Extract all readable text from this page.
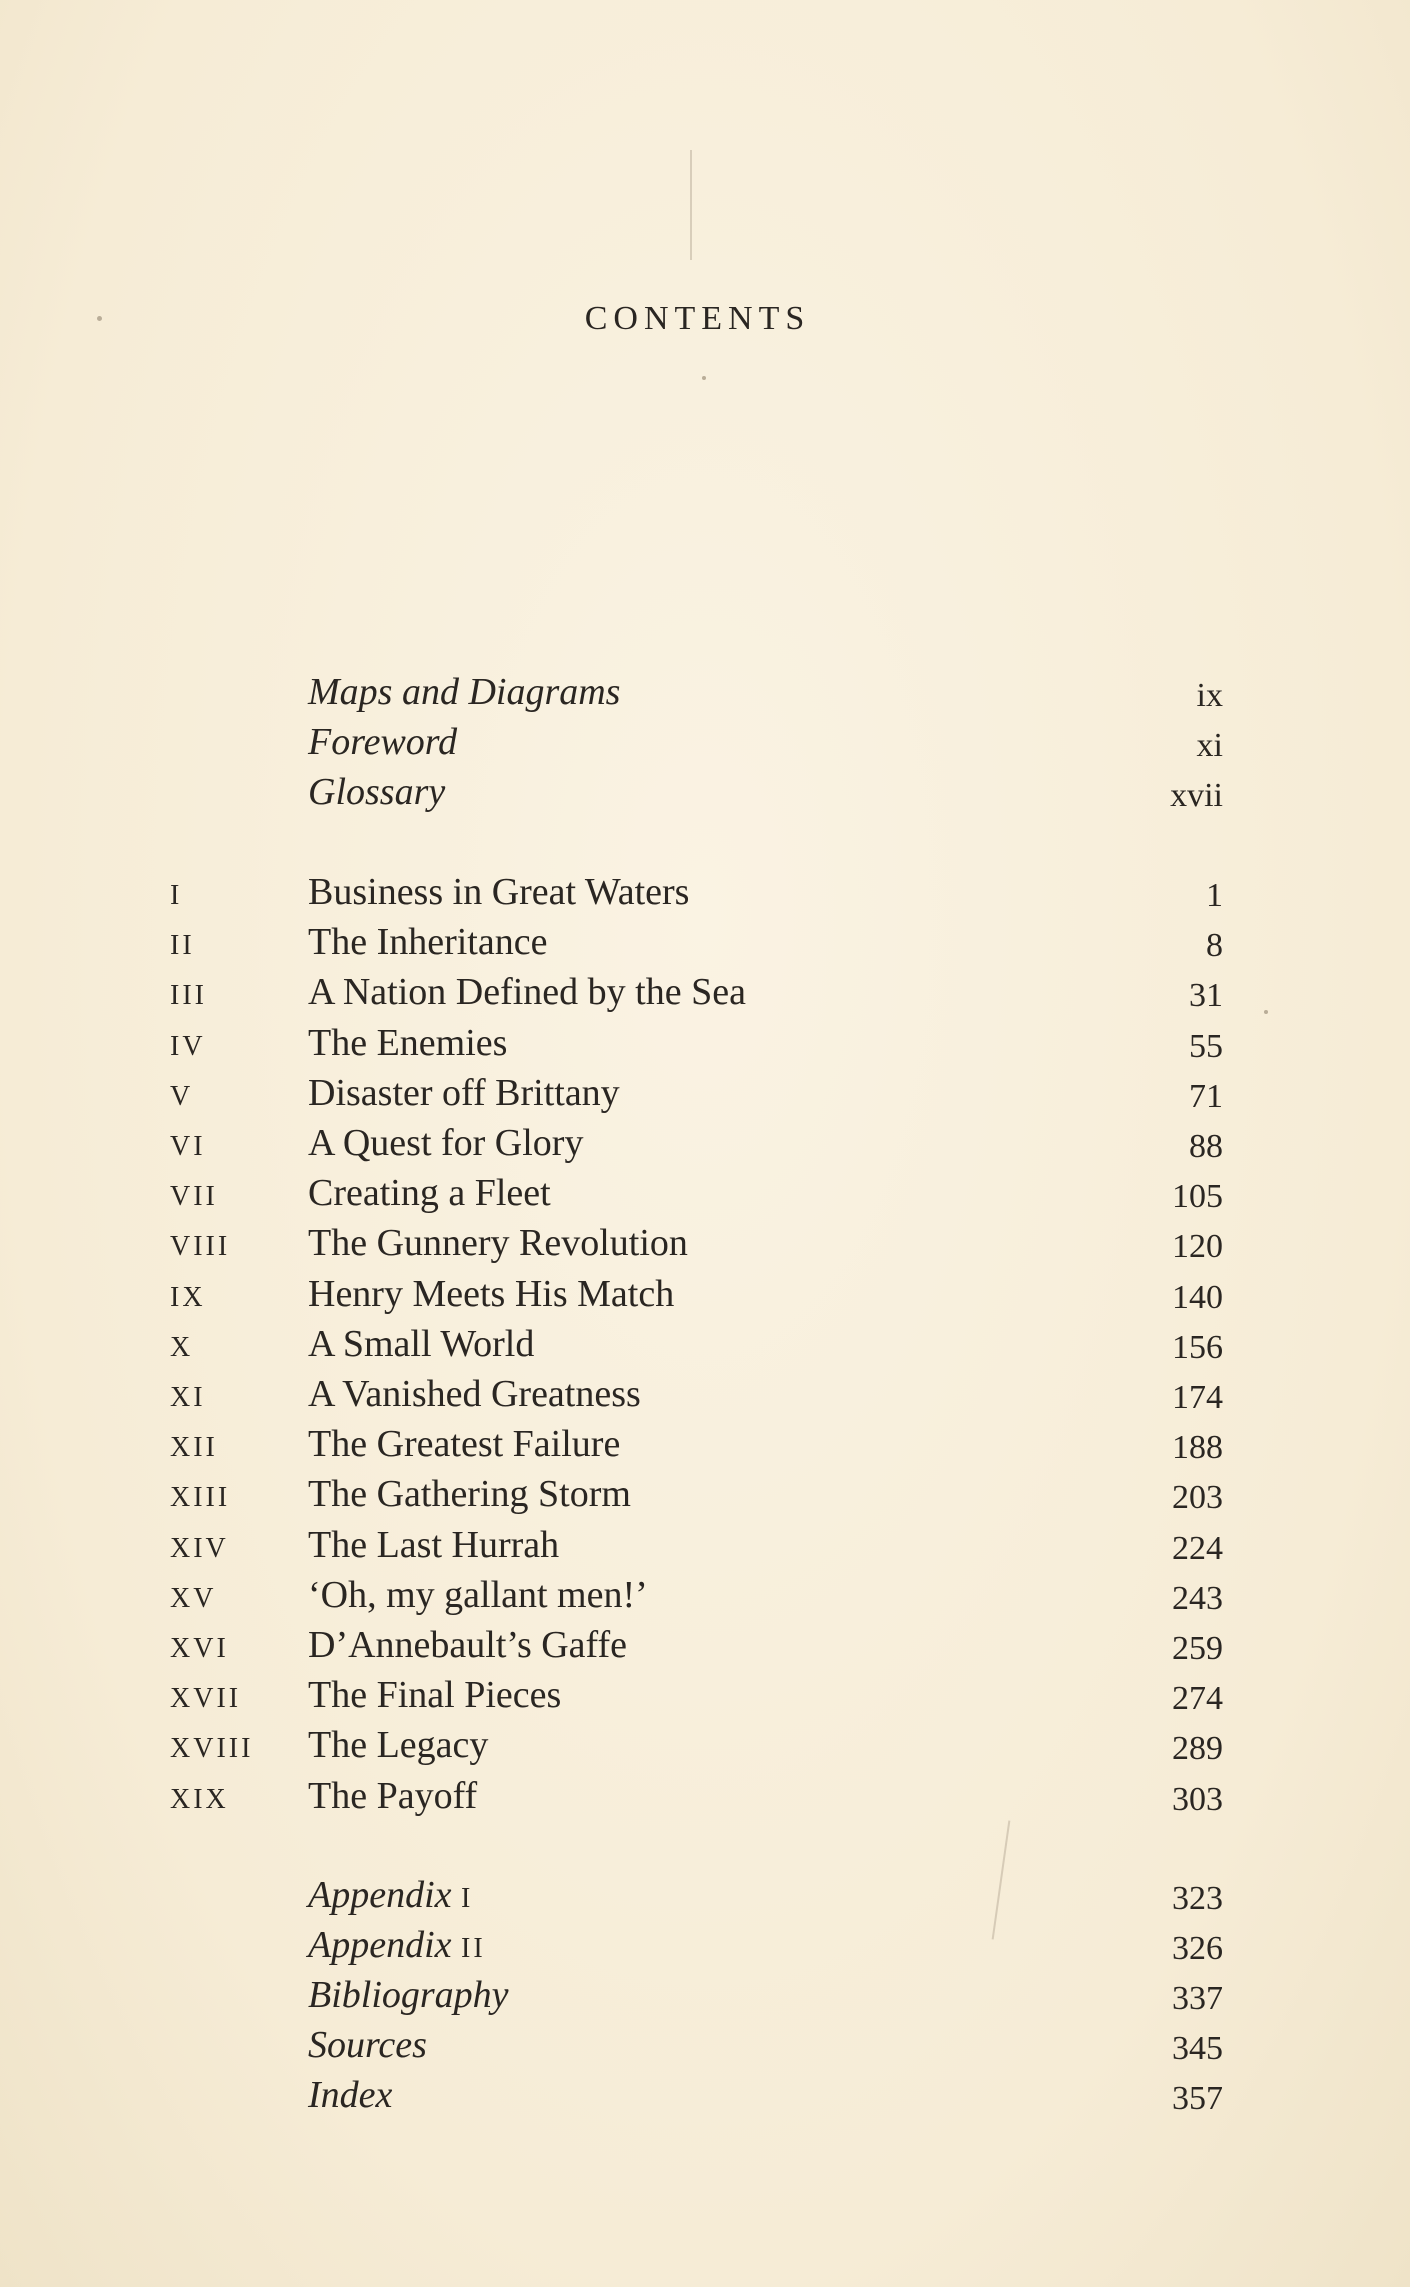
CONTENTS
Maps and Diagrams	ix
Foreword	xi
Glossary	xvii
I	Business in Great Waters	1
II	The Inheritance	8
III	A Nation Defined by the Sea	31
IV	The Enemies	55
V	Disaster off Brittany	71
VI	A Quest for Glory	88
VII Creating a Fleet	105
VIII The Gunnery Revolution	120
IX	Henry Meets His Match	140
X	A Small World	156
XI	A Vanished Greatness	174
XII The Greatest Failure	188
XIII The Gathering Storm	203
XIV The Last Hurrah	224
XV ‘Oh, my gallant men!’	243
XVI D’Annebault’s Gaffe	259
XVII The Final Pieces	274
XVIII The Legacy	289
XIX The Payoff	303
Appendix I	323
Appendix II	326
Bibliography	337
Sources	345
Index	357
